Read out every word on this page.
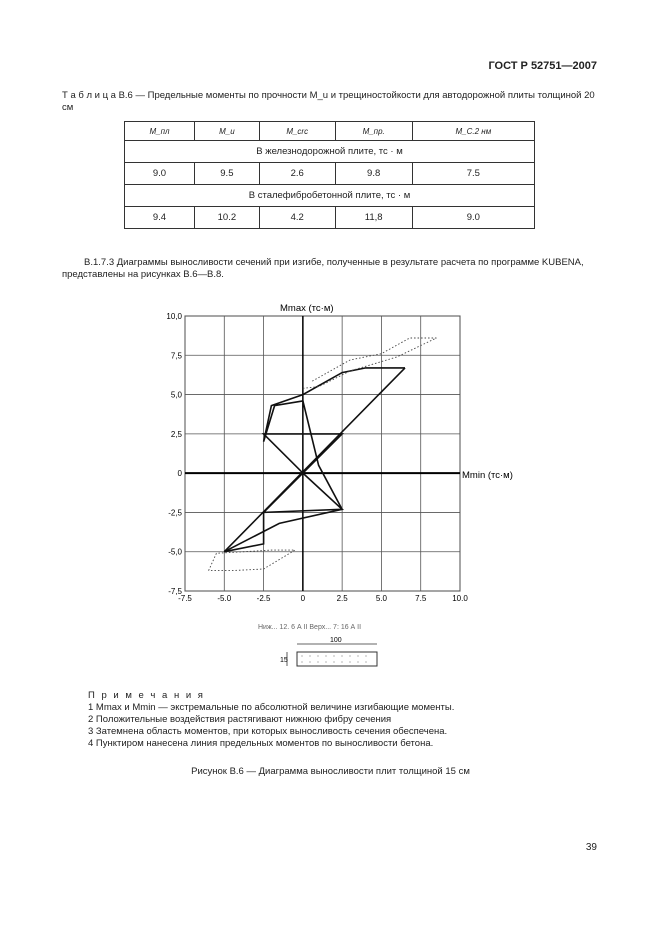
ГОСТ Р 52751—2007
Т а б л и ц а В.6 — Предельные моменты по прочности M_u и трещиностойкости для автодорожной плиты толщиной 20 см
M_пл	M_u	M_crc	M_пр.	M_С.2 нм
В железнодорожной плите, тс · м				
9.0	9.5	2.6	9.8	7.5
В сталефибробетонной плите, тс · м				
9.4	10.2	4.2	11,8	9.0
В.1.7.3 Диаграммы выносливости сечений при изгибе, полученные в результате расчета по программе KUBENA, представлены на рисунках В.6—В.8.
-7.5	-5.0	-2.5	0	2.5	5.0	7.5	10.0
10,0
7,5
5,0
2,5
0
-2,5
-5,0
-7,5
Mmax (тс·м)
Mmin (тс·м)
Ниж... 12. 6 А II Верх... 7: 16 А II
100
15
П р и м е ч а н и я
1 Mmax и Mmin — экстремальные по абсолютной величине изгибающие моменты.
2 Положительные воздействия растягивают нижнюю фибру сечения
3 Затемнена область моментов, при которых выносливость сечения обеспечена.
4 Пунктиром нанесена линия предельных моментов по выносливости бетона.
Рисунок В.6 — Диаграмма выносливости плит толщиной 15 см
39
